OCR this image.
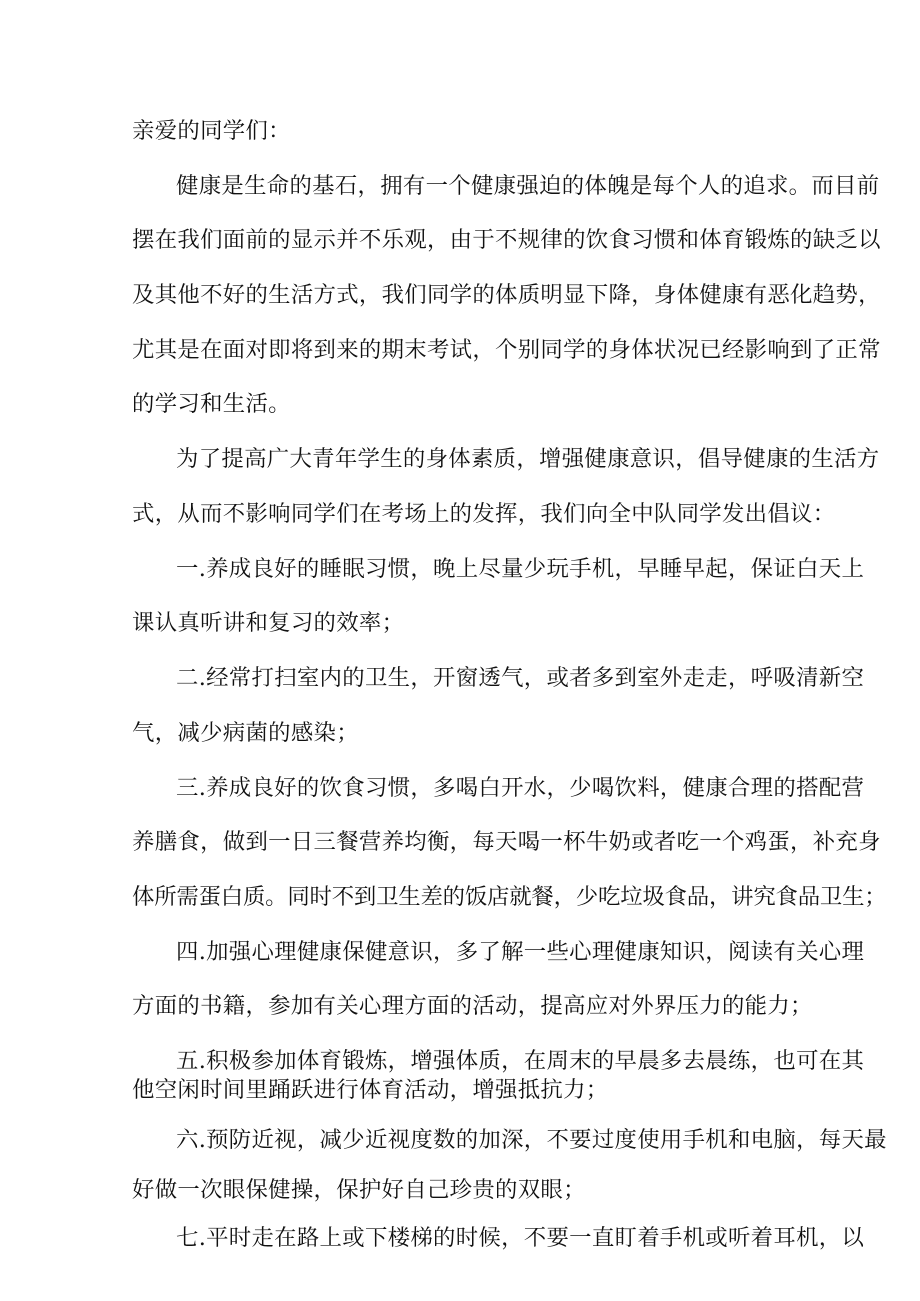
亲爱的同学们：
健康是生命的基石，拥有一个健康强迫的体魄是每个人的追求。而目前
摆在我们面前的显示并不乐观，由于不规律的饮食习惯和体育锻炼的缺乏以
及其他不好的生活方式，我们同学的体质明显下降，身体健康有恶化趋势，
尤其是在面对即将到来的期末考试，个别同学的身体状况已经影响到了正常
的学习和生活。
为了提高广大青年学生的身体素质，增强健康意识，倡导健康的生活方
式，从而不影响同学们在考场上的发挥，我们向全中队同学发出倡议：
一.养成良好的睡眠习惯，晚上尽量少玩手机，早睡早起，保证白天上
课认真听讲和复习的效率；
二.经常打扫室内的卫生，开窗透气，或者多到室外走走，呼吸清新空
气，减少病菌的感染；
三.养成良好的饮食习惯，多喝白开水，少喝饮料，健康合理的搭配营
养膳食，做到一日三餐营养均衡，每天喝一杯牛奶或者吃一个鸡蛋，补充身
体所需蛋白质。同时不到卫生差的饭店就餐，少吃垃圾食品，讲究食品卫生；
四.加强心理健康保健意识，多了解一些心理健康知识，阅读有关心理
方面的书籍，参加有关心理方面的活动，提高应对外界压力的能力；
五.积极参加体育锻炼，增强体质，在周末的早晨多去晨练，也可在其
他空闲时间里踊跃进行体育活动，增强抵抗力；
六.预防近视，减少近视度数的加深，不要过度使用手机和电脑，每天最
好做一次眼保健操，保护好自己珍贵的双眼；
七.平时走在路上或下楼梯的时候，不要一直盯着手机或听着耳机，以
